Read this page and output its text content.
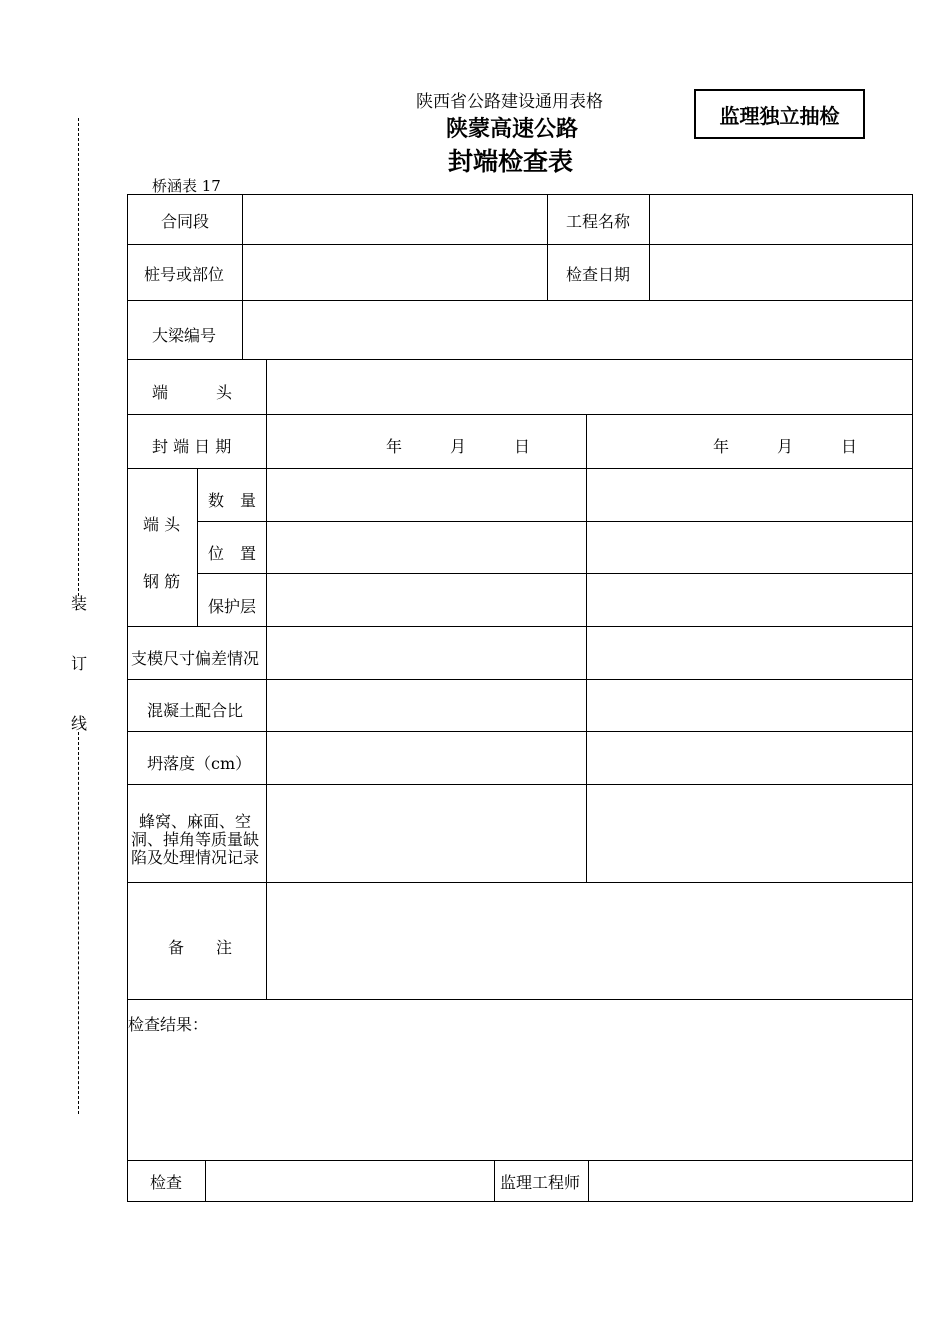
装
订
线
陕西省公路建设通用表格
陕蒙高速公路
封端检查表
监理独立抽检
桥涵表 17
合同段	工程名称
桩号或部位	检查日期
大梁编号
端　　　头
封 端 日 期	年　　　月　　　日	年　　　月　　　日
端 头
钢 筋
数　量
位　置
保护层
支模尺寸偏差情况
混凝土配合比
坍落度（cm）
蜂窝、麻面、空
洞、掉角等质量缺
陷及处理情况记录
备　　注
检查结果：
检查	监理工程师
